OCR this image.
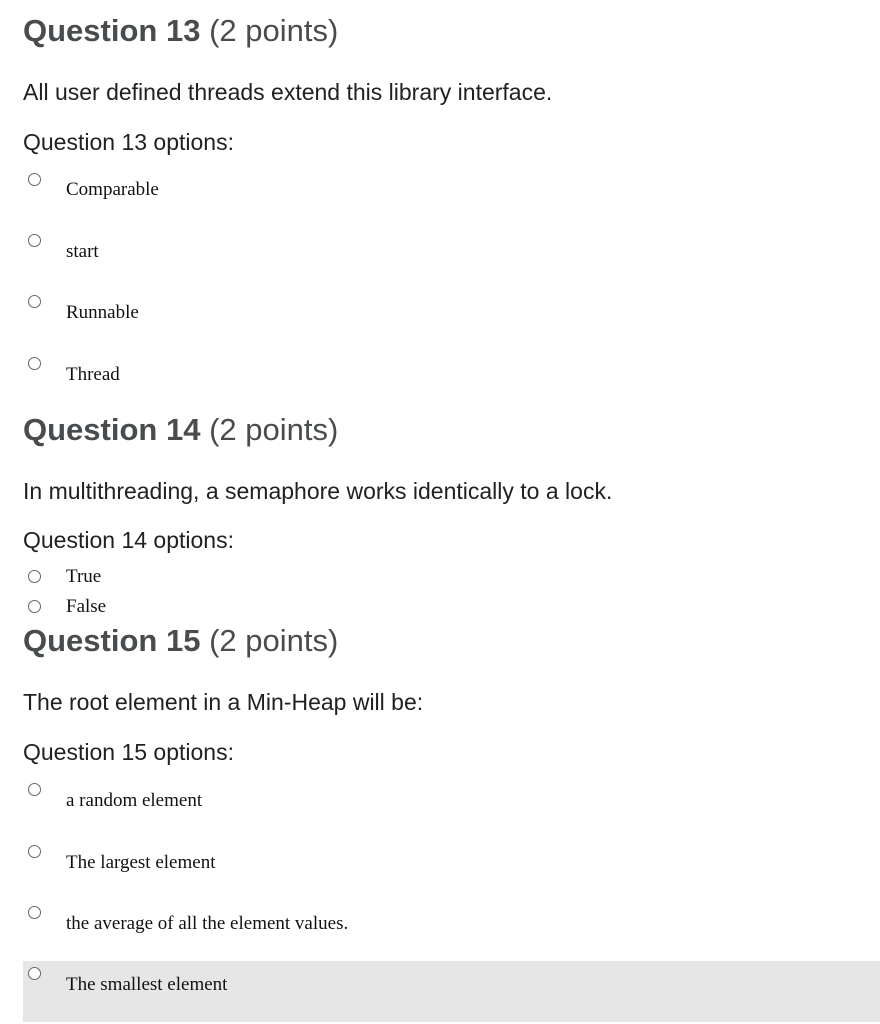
Question 13 (2 points)

All user defined threads extend this library interface.

Question 13 options:

Comparable
start
Runnable
Thread
Question 14 (2 points)

In multithreading, a semaphore works identically to a lock.

Question 14 options:

True
False
Question 15 (2 points)

The root element in a Min-Heap will be:

Question 15 options:

a random element
The largest element
the average of all the element values.
The smallest element
